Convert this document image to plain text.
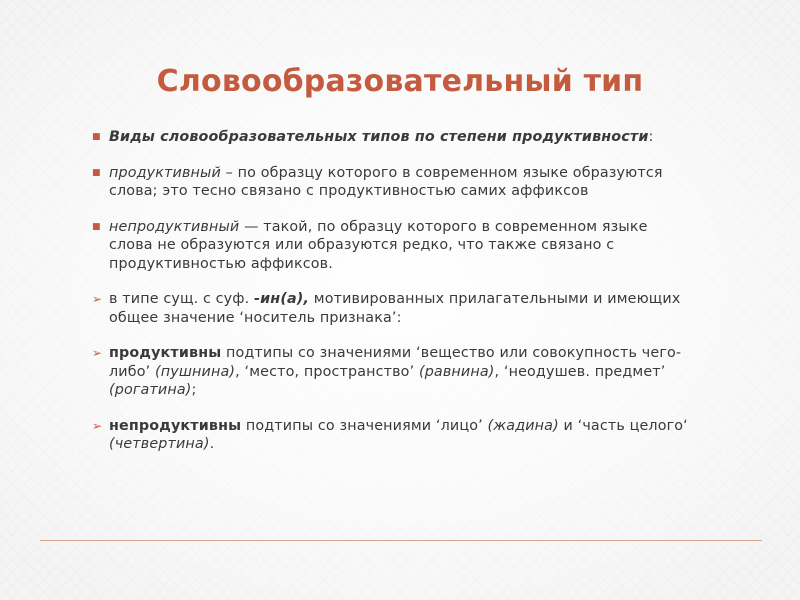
Словообразовательный тип
■ Виды словообразовательных типов по степени продуктивности:
■ продуктивный – по образцу которого в современном языке образуются слова; это тесно связано с продуктивностью самих аффиксов
■ непродуктивный — такой, по образцу которого в современном языке слова не образуются или образуются редко, что также связано с продуктивностью аффиксов.
➢ в типе сущ. с суф. -ин(а), мотивированных прилагательными и имеющих общее значение ‘носитель признака’:
➢ продуктивны подтипы со значениями ‘вещество или совокупность чего-либо’ (пушнина), ‘место, пространство’ (равнина), ‘неодушев. предмет’ (рогатина);
➢ непродуктивны подтипы со значениями ‘лицо’ (жадина) и ‘часть целого‘ (четвертина).
